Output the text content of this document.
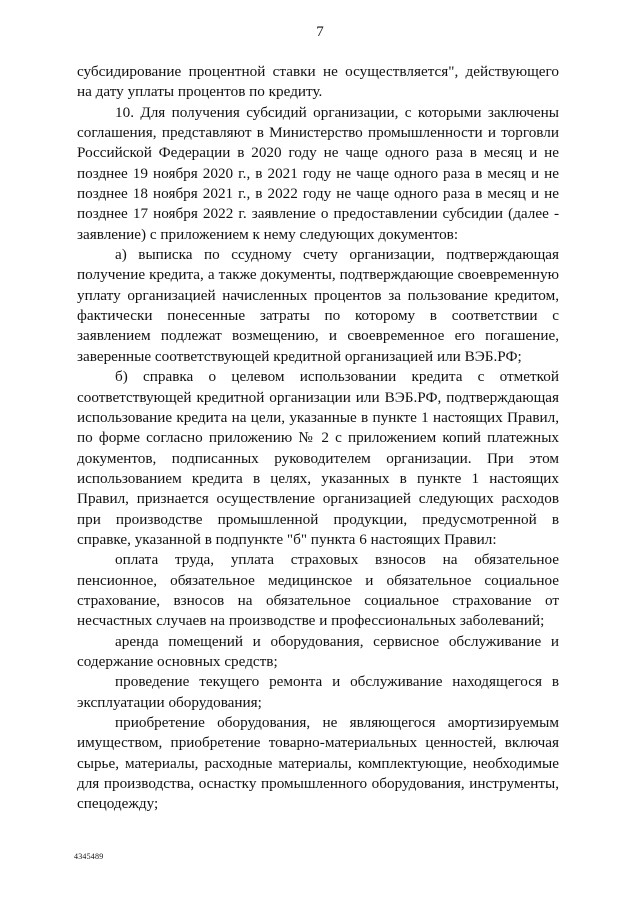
7

субсидирование процентной ставки не осуществляется", действующего на дату уплаты процентов по кредиту.

10. Для получения субсидий организации, с которыми заключены соглашения, представляют в Министерство промышленности и торговли Российской Федерации в 2020 году не чаще одного раза в месяц и не позднее 19 ноября 2020 г., в 2021 году не чаще одного раза в месяц и не позднее 18 ноября 2021 г., в 2022 году не чаще одного раза в месяц и не позднее 17 ноября 2022 г. заявление о предоставлении субсидии (далее - заявление) с приложением к нему следующих документов:

а) выписка по ссудному счету организации, подтверждающая получение кредита, а также документы, подтверждающие своевременную уплату организацией начисленных процентов за пользование кредитом, фактически понесенные затраты по которому в соответствии с заявлением подлежат возмещению, и своевременное его погашение, заверенные соответствующей кредитной организацией или ВЭБ.РФ;

б) справка о целевом использовании кредита с отметкой соответствующей кредитной организации или ВЭБ.РФ, подтверждающая использование кредита на цели, указанные в пункте 1 настоящих Правил, по форме согласно приложению № 2 с приложением копий платежных документов, подписанных руководителем организации. При этом использованием кредита в целях, указанных в пункте 1 настоящих Правил, признается осуществление организацией следующих расходов при производстве промышленной продукции, предусмотренной в справке, указанной в подпункте "б" пункта 6 настоящих Правил:

оплата труда, уплата страховых взносов на обязательное пенсионное, обязательное медицинское и обязательное социальное страхование, взносов на обязательное социальное страхование от несчастных случаев на производстве и профессиональных заболеваний;

аренда помещений и оборудования, сервисное обслуживание и содержание основных средств;

проведение текущего ремонта и обслуживание находящегося в эксплуатации оборудования;

приобретение оборудования, не являющегося амортизируемым имуществом, приобретение товарно-материальных ценностей, включая сырье, материалы, расходные материалы, комплектующие, необходимые для производства, оснастку промышленного оборудования, инструменты, спецодежду;

4345489
